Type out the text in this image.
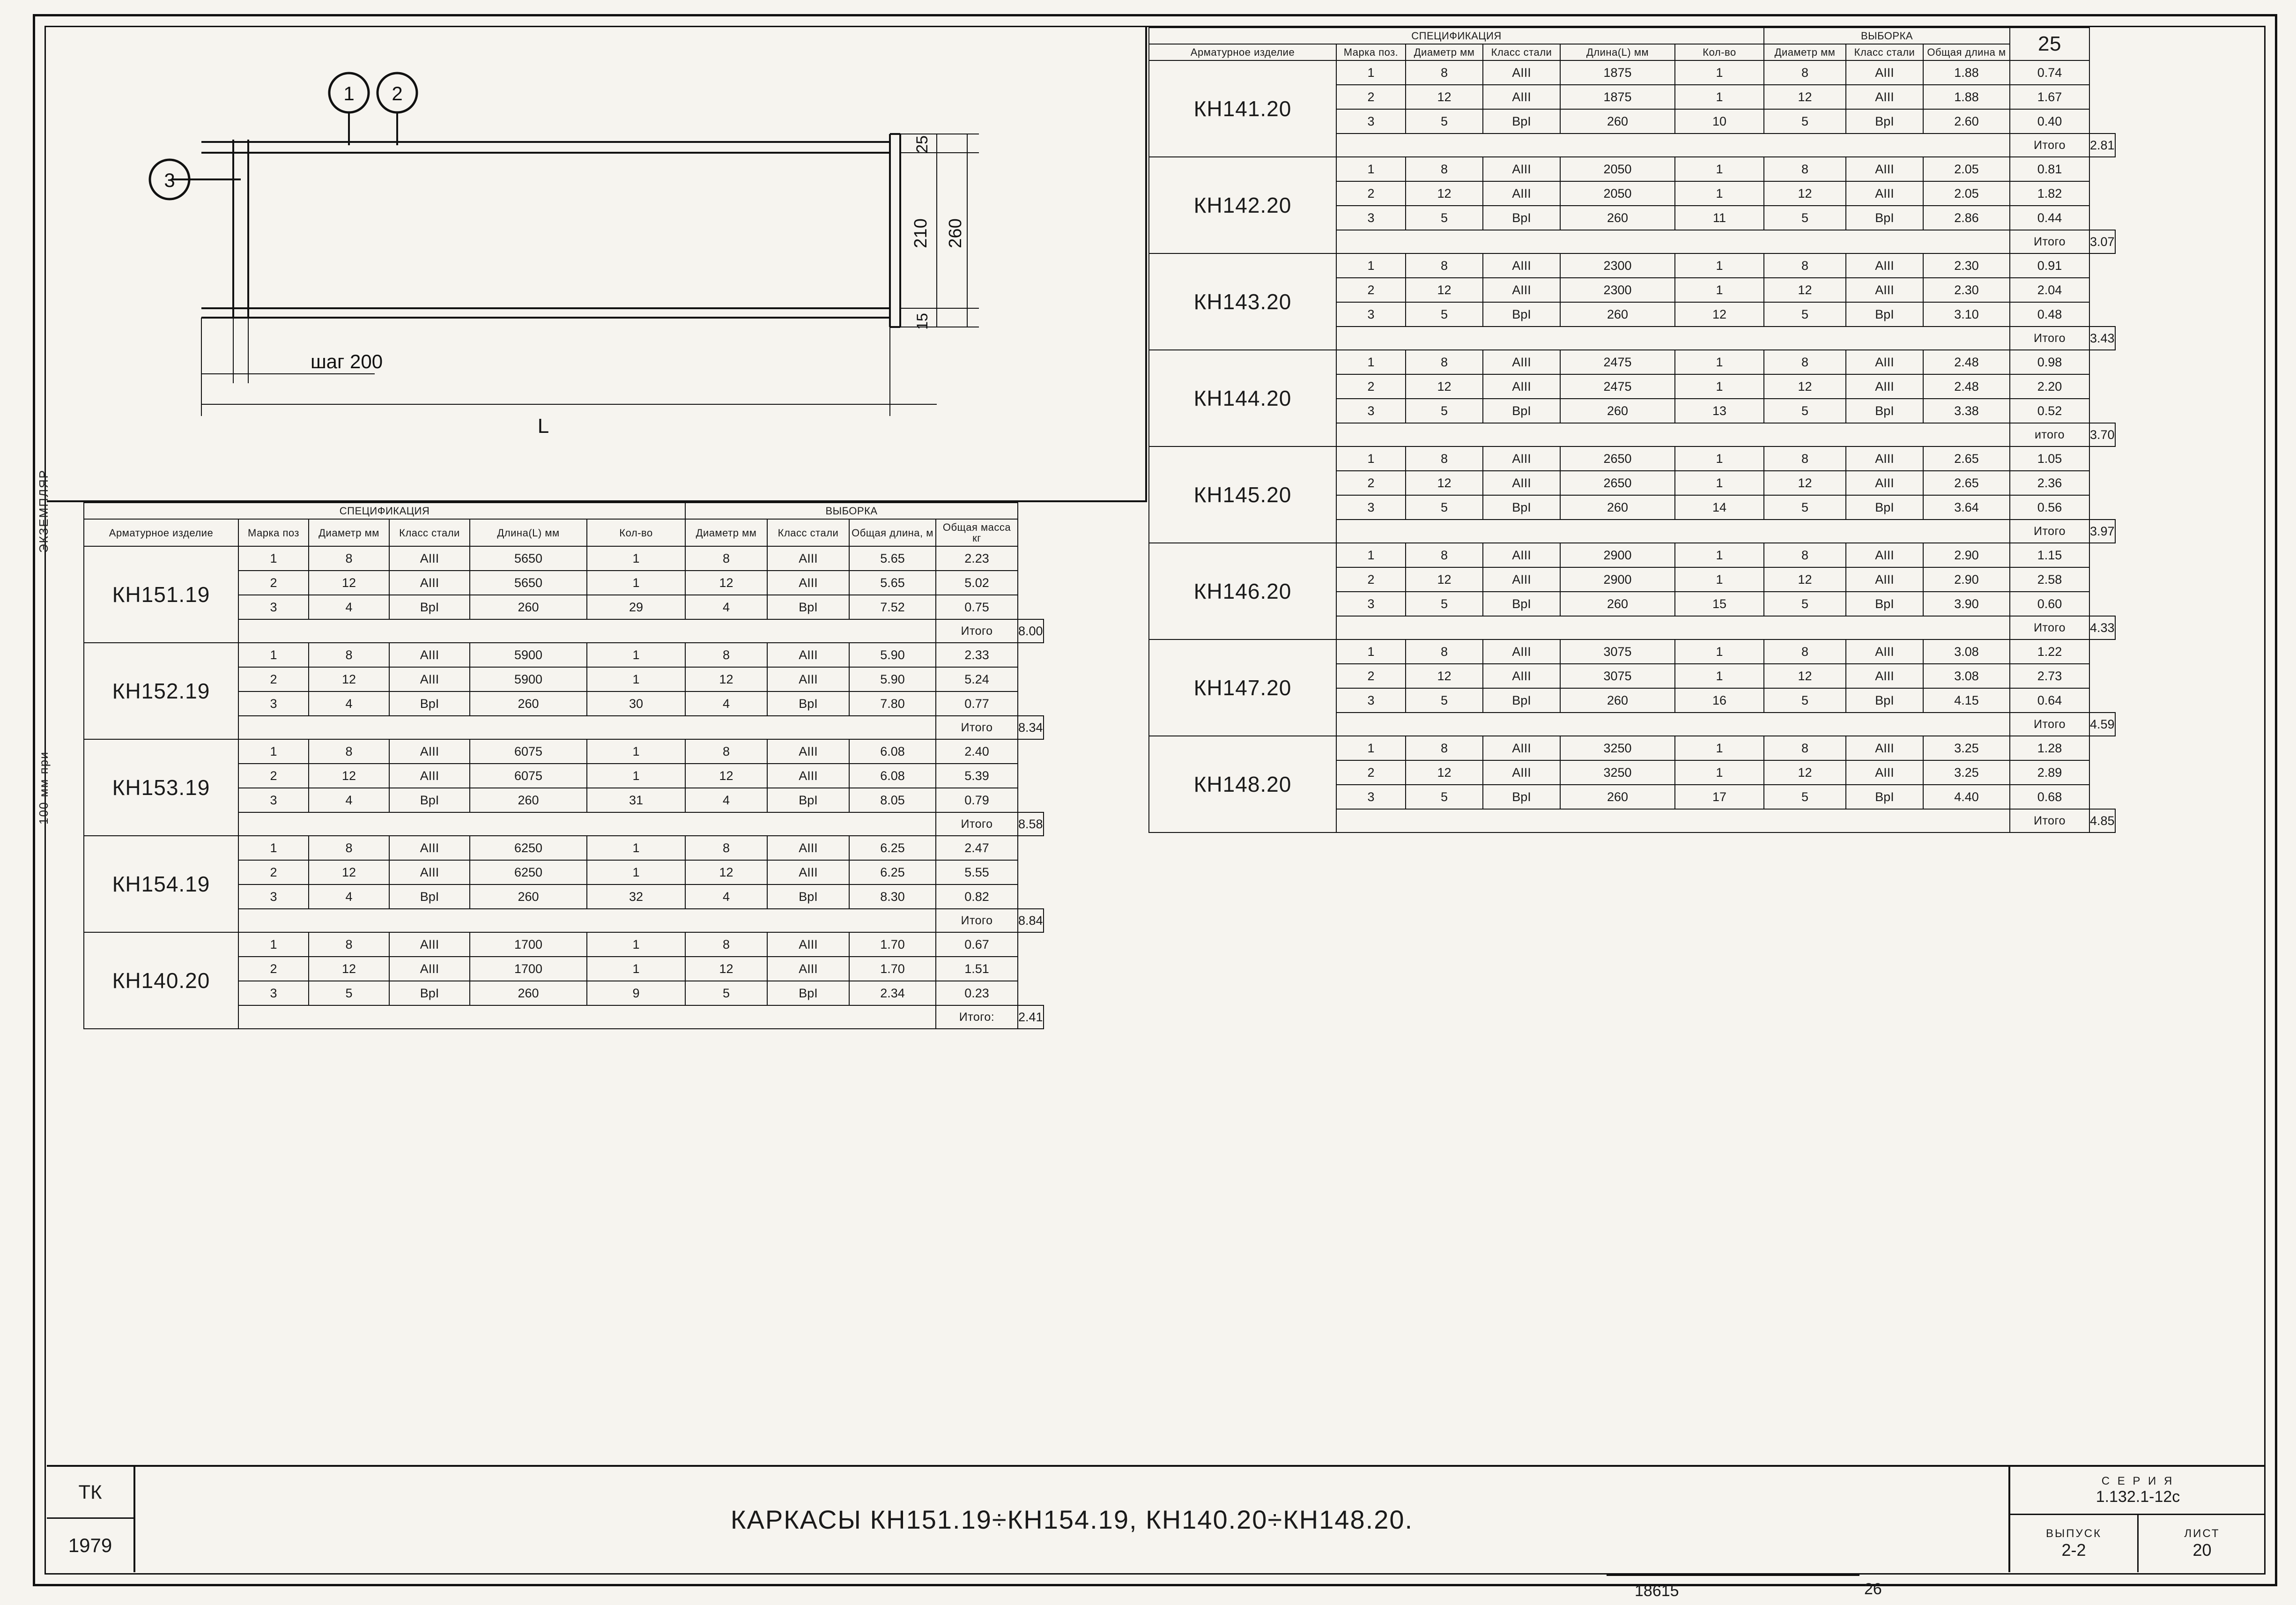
ЭКЗЕМПЛЯР
100 мм при
1 2
3
25
210 260
15
шаг 200
L
СПЕЦИФИКАЦИЯ						ВЫБОРКА				
Арматурное изделие	Марка поз	Диаметр мм	Класс стали	Длина(L) мм	Кол-во	Диаметр мм	Класс стали	Общая длина, м	Общая масса кг	
КН151.19	1	8	АIII	5650	1	8	АIII	5.65	2.23	
	2	12	АIII	5650	1	12	АIII	5.65	5.02	
	3	4	ВрI	260	29	4	ВрI	7.52	0.75	
									Итого	8.00
КН152.19	1	8	АIII	5900	1	8	АIII	5.90	2.33	
	2	12	АIII	5900	1	12	АIII	5.90	5.24	
	3	4	ВрI	260	30	4	ВрI	7.80	0.77	
									Итого	8.34
КН153.19	1	8	АIII	6075	1	8	АIII	6.08	2.40	
	2	12	АIII	6075	1	12	АIII	6.08	5.39	
	3	4	ВрI	260	31	4	ВрI	8.05	0.79	
									Итого	8.58
КН154.19	1	8	АIII	6250	1	8	АIII	6.25	2.47	
	2	12	АIII	6250	1	12	АIII	6.25	5.55	
	3	4	ВрI	260	32	4	ВрI	8.30	0.82	
									Итого	8.84
КН140.20	1	8	АIII	1700	1	8	АIII	1.70	0.67	
	2	12	АIII	1700	1	12	АIII	1.70	1.51	
	3	5	ВрI	260	9	5	ВрI	2.34	0.23	
									Итого:	2.41
СПЕЦИФИКАЦИЯ						ВЫБОРКА			25	
Арматурное изделие	Марка поз.	Диаметр мм	Класс стали	Длина(L) мм	Кол-во	Диаметр мм	Класс стали	Общая длина м		
КН141.20	1	8	АIII	1875	1	8	АIII	1.88	0.74	
	2	12	АIII	1875	1	12	АIII	1.88	1.67	
	3	5	ВрI	260	10	5	ВрI	2.60	0.40	
									Итого	2.81
КН142.20	1	8	АIII	2050	1	8	АIII	2.05	0.81	
	2	12	АIII	2050	1	12	АIII	2.05	1.82	
	3	5	ВрI	260	11	5	ВрI	2.86	0.44	
									Итого	3.07
КН143.20	1	8	АIII	2300	1	8	АIII	2.30	0.91	
	2	12	АIII	2300	1	12	АIII	2.30	2.04	
	3	5	ВрI	260	12	5	ВрI	3.10	0.48	
									Итого	3.43
КН144.20	1	8	АIII	2475	1	8	АIII	2.48	0.98	
	2	12	АIII	2475	1	12	АIII	2.48	2.20	
	3	5	ВрI	260	13	5	ВрI	3.38	0.52	
									итого	3.70
КН145.20	1	8	АIII	2650	1	8	АIII	2.65	1.05	
	2	12	АIII	2650	1	12	АIII	2.65	2.36	
	3	5	ВрI	260	14	5	ВрI	3.64	0.56	
									Итого	3.97
КН146.20	1	8	АIII	2900	1	8	АIII	2.90	1.15	
	2	12	АIII	2900	1	12	АIII	2.90	2.58	
	3	5	ВрI	260	15	5	ВрI	3.90	0.60	
									Итого	4.33
КН147.20	1	8	АIII	3075	1	8	АIII	3.08	1.22	
	2	12	АIII	3075	1	12	АIII	3.08	2.73	
	3	5	ВрI	260	16	5	ВрI	4.15	0.64	
									Итого	4.59
КН148.20	1	8	АIII	3250	1	8	АIII	3.25	1.28	
	2	12	АIII	3250	1	12	АIII	3.25	2.89	
	3	5	ВрI	260	17	5	ВрI	4.40	0.68	
									Итого	4.85
ТК
1979
КАРКАСЫ КН151.19÷КН154.19, КН140.20÷КН148.20.
С Е Р И Я
1.132.1-12с
ВЫПУСК
2-2
ЛИСТ
20
18615	26
